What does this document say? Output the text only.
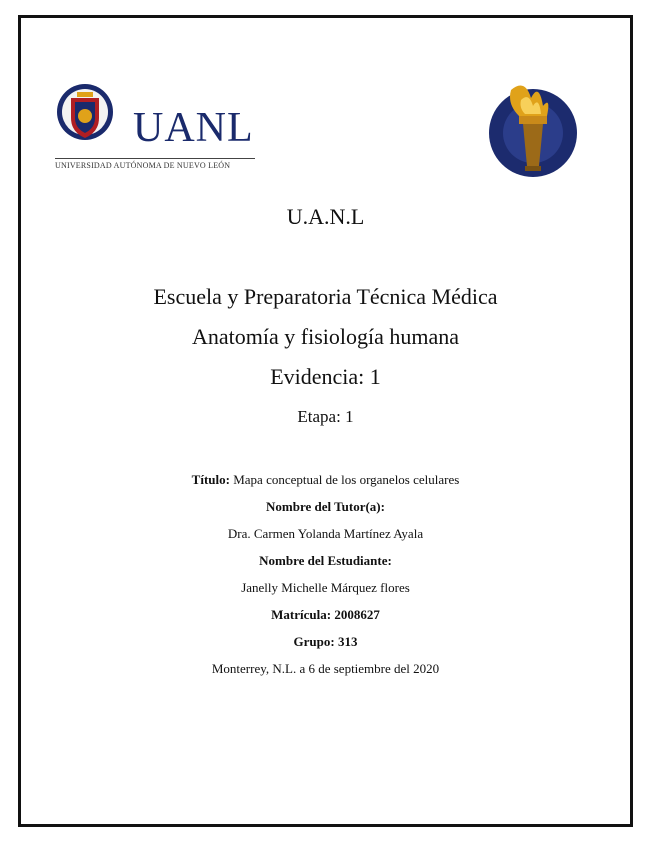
UANL
UNIVERSIDAD AUTÓNOMA DE NUEVO LEÓN
U.A.N.L
Escuela y Preparatoria Técnica Médica
Anatomía y fisiología humana
Evidencia: 1
Etapa: 1
Título: Mapa conceptual de los organelos celulares
Nombre del Tutor(a):
Dra. Carmen Yolanda Martínez Ayala
Nombre del Estudiante:
Janelly Michelle Márquez flores
Matrícula: 2008627
Grupo: 313
Monterrey, N.L. a 6 de septiembre del 2020
